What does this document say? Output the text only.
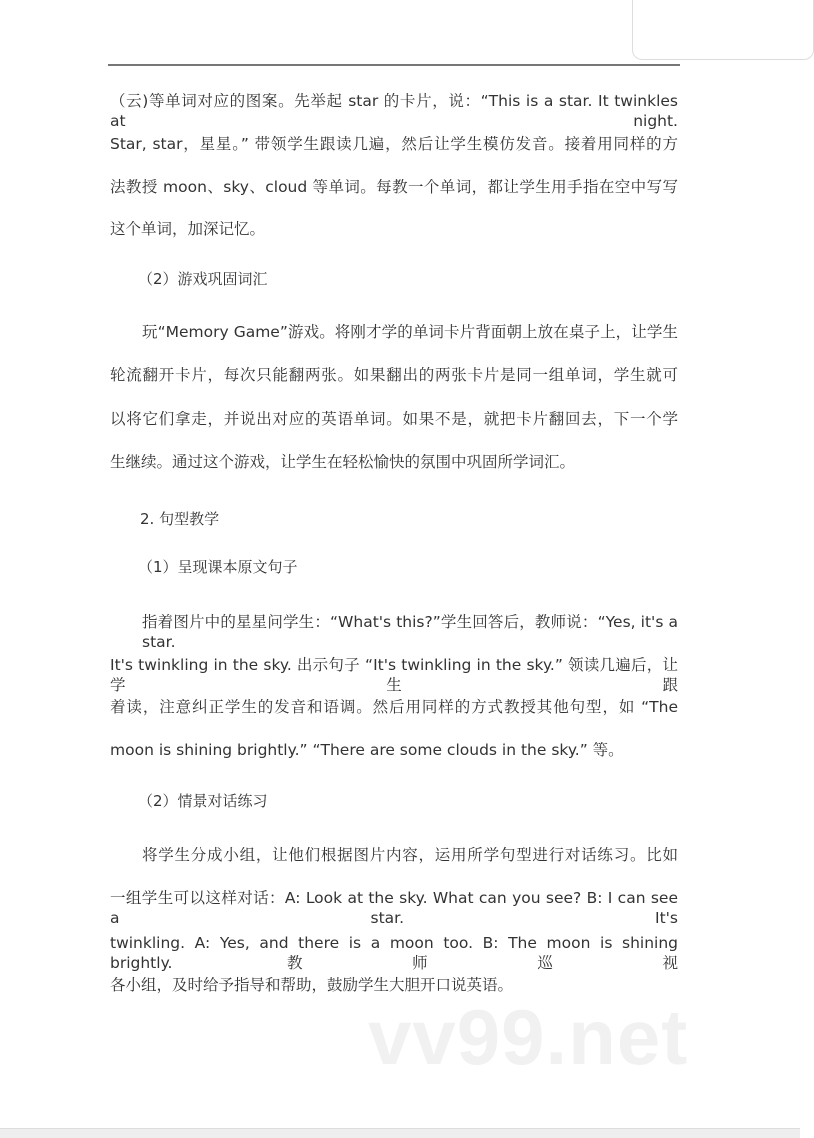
（云)等单词对应的图案。先举起 star 的卡片，说：“This is a star. It twinkles at night.
Star, star，星星。” 带领学生跟读几遍，然后让学生模仿发音。接着用同样的方
法教授 moon、sky、cloud 等单词。每教一个单词，都让学生用手指在空中写写
这个单词，加深记忆。
（2）游戏巩固词汇
玩“Memory Game”游戏。将刚才学的单词卡片背面朝上放在桌子上，让学生
轮流翻开卡片，每次只能翻两张。如果翻出的两张卡片是同一组单词，学生就可
以将它们拿走，并说出对应的英语单词。如果不是，就把卡片翻回去，下一个学
生继续。通过这个游戏，让学生在轻松愉快的氛围中巩固所学词汇。
2. 句型教学
（1）呈现课本原文句子
指着图片中的星星问学生：“What's this?”学生回答后，教师说：“Yes, it's a star.
It's twinkling in the sky. 出示句子 “It's twinkling in the sky.” 领读几遍后，让学生跟
着读，注意纠正学生的发音和语调。然后用同样的方式教授其他句型，如 “The
moon is shining brightly.” “There are some clouds in the sky.” 等。
（2）情景对话练习
将学生分成小组，让他们根据图片内容，运用所学句型进行对话练习。比如
一组学生可以这样对话：A: Look at the sky. What can you see? B: I can see a star. It's
twinkling. A: Yes, and there is a moon too. B: The moon is shining brightly. 教师巡视
各小组，及时给予指导和帮助，鼓励学生大胆开口说英语。
vv99.net
